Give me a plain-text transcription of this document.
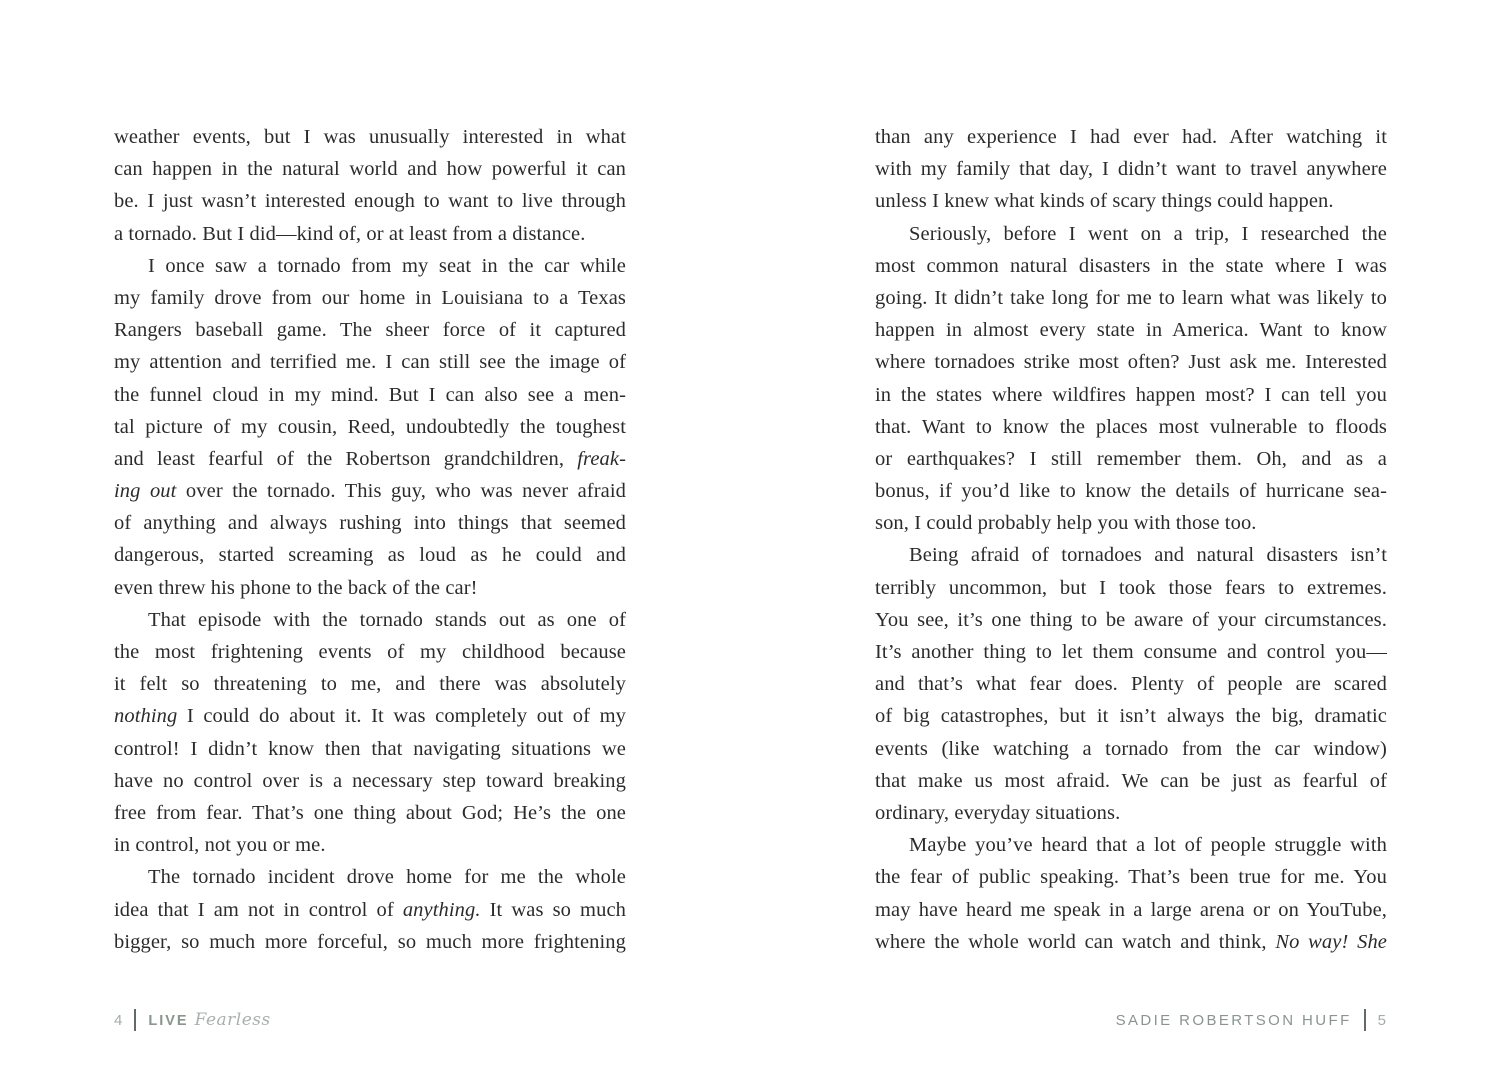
weather events, but I was unusually interested in what
can happen in the natural world and how powerful it can
be. I just wasn’t interested enough to want to live through
a tornado. But I did—kind of, or at least from a distance.
I once saw a tornado from my seat in the car while
my family drove from our home in Louisiana to a Texas
Rangers baseball game. The sheer force of it captured
my attention and terrified me. I can still see the image of
the funnel cloud in my mind. But I can also see a men-
tal picture of my cousin, Reed, undoubtedly the toughest
and least fearful of the Robertson grandchildren, freak-
ing out over the tornado. This guy, who was never afraid
of anything and always rushing into things that seemed
dangerous, started screaming as loud as he could and
even threw his phone to the back of the car!
That episode with the tornado stands out as one of
the most frightening events of my childhood because
it felt so threatening to me, and there was absolutely
nothing I could do about it. It was completely out of my
control! I didn’t know then that navigating situations we
have no control over is a necessary step toward breaking
free from fear. That’s one thing about God; He’s the one
in control, not you or me.
The tornado incident drove home for me the whole
idea that I am not in control of anything. It was so much
bigger, so much more forceful, so much more frightening
4 LIVE Fearless
than any experience I had ever had. After watching it
with my family that day, I didn’t want to travel anywhere
unless I knew what kinds of scary things could happen.
Seriously, before I went on a trip, I researched the
most common natural disasters in the state where I was
going. It didn’t take long for me to learn what was likely to
happen in almost every state in America. Want to know
where tornadoes strike most often? Just ask me. Interested
in the states where wildfires happen most? I can tell you
that. Want to know the places most vulnerable to floods
or earthquakes? I still remember them. Oh, and as a
bonus, if you’d like to know the details of hurricane sea-
son, I could probably help you with those too.
Being afraid of tornadoes and natural disasters isn’t
terribly uncommon, but I took those fears to extremes.
You see, it’s one thing to be aware of your circumstances.
It’s another thing to let them consume and control you—
and that’s what fear does. Plenty of people are scared
of big catastrophes, but it isn’t always the big, dramatic
events (like watching a tornado from the car window)
that make us most afraid. We can be just as fearful of
ordinary, everyday situations.
Maybe you’ve heard that a lot of people struggle with
the fear of public speaking. That’s been true for me. You
may have heard me speak in a large arena or on YouTube,
where the whole world can watch and think, No way! She
SADIE ROBERTSON HUFF 5
